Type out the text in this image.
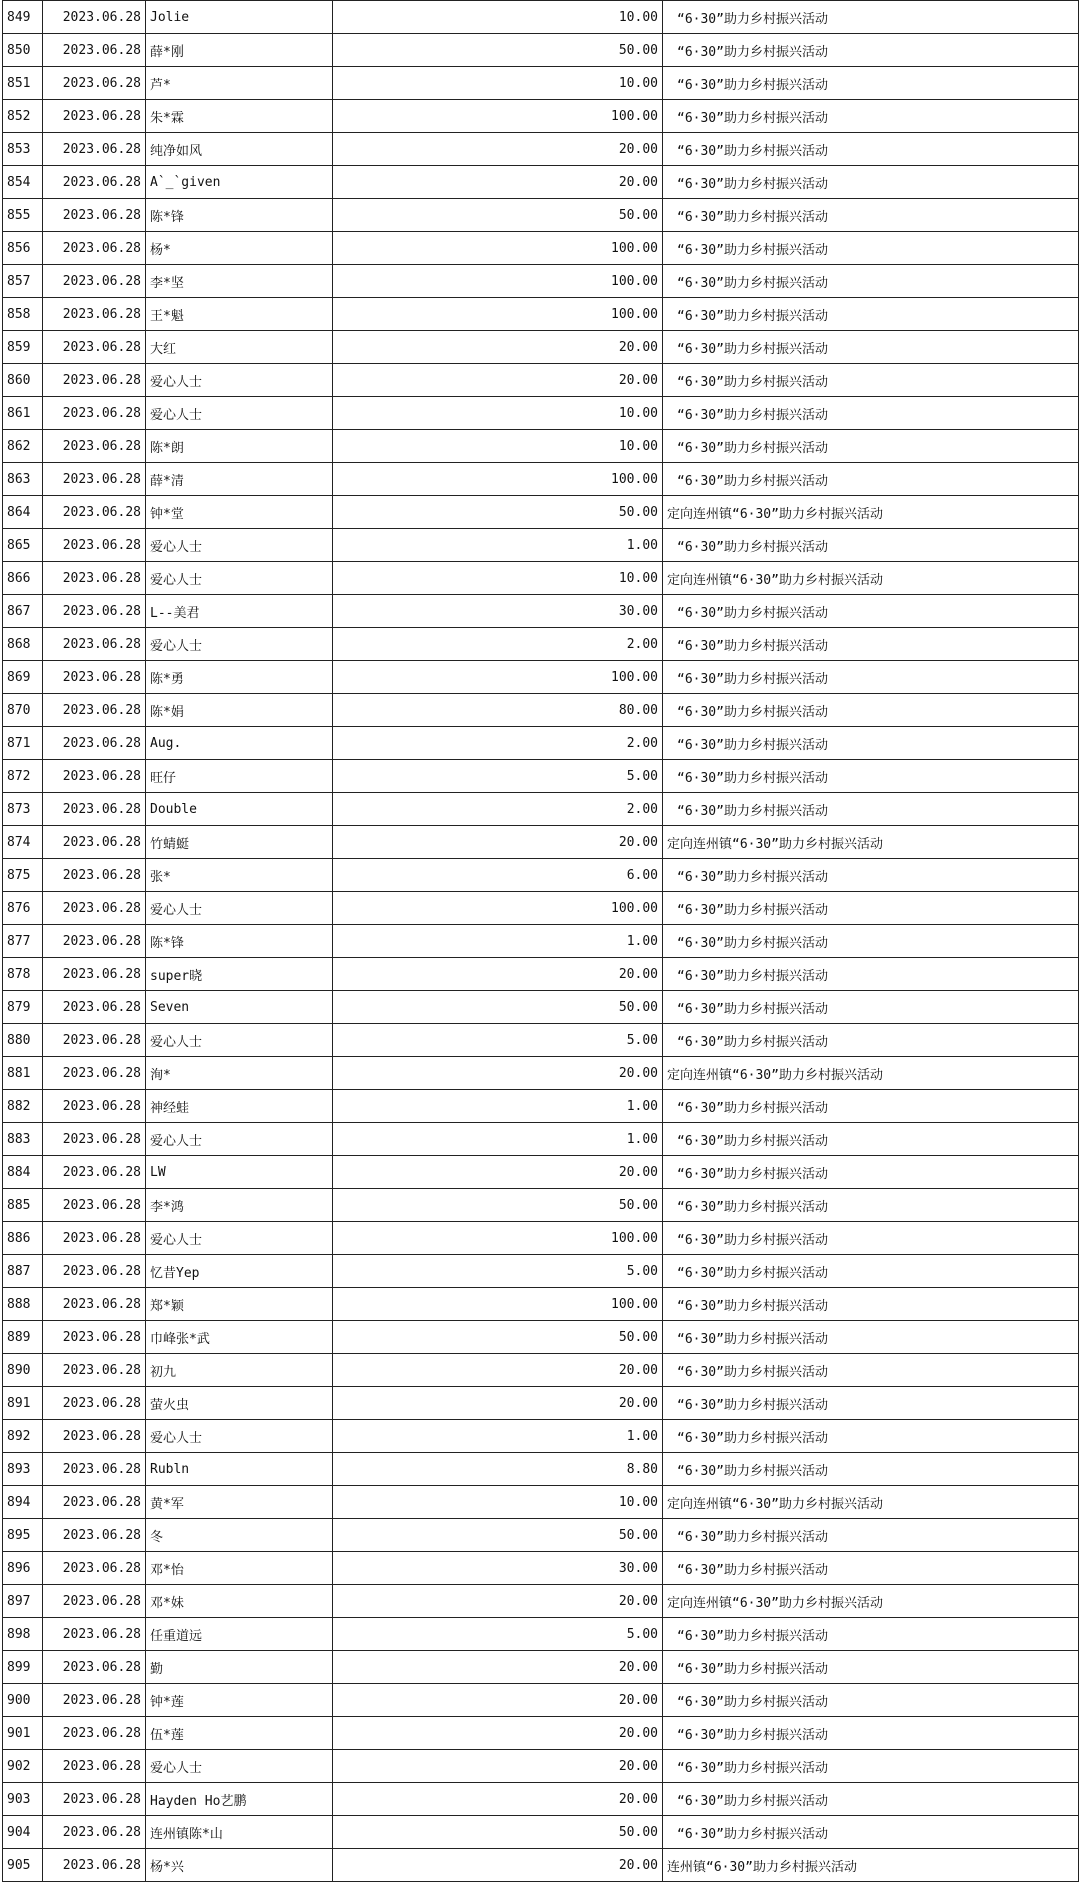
849	2023.06.28	Jolie	10.00	“6·30”助力乡村振兴活动
850	2023.06.28	薛*刚	50.00	“6·30”助力乡村振兴活动
851	2023.06.28	芦*	10.00	“6·30”助力乡村振兴活动
852	2023.06.28	朱*霖	100.00	“6·30”助力乡村振兴活动
853	2023.06.28	纯净如风	20.00	“6·30”助力乡村振兴活动
854	2023.06.28	A`_`given	20.00	“6·30”助力乡村振兴活动
855	2023.06.28	陈*锋	50.00	“6·30”助力乡村振兴活动
856	2023.06.28	杨*	100.00	“6·30”助力乡村振兴活动
857	2023.06.28	李*坚	100.00	“6·30”助力乡村振兴活动
858	2023.06.28	王*魁	100.00	“6·30”助力乡村振兴活动
859	2023.06.28	大红	20.00	“6·30”助力乡村振兴活动
860	2023.06.28	爱心人士	20.00	“6·30”助力乡村振兴活动
861	2023.06.28	爱心人士	10.00	“6·30”助力乡村振兴活动
862	2023.06.28	陈*朗	10.00	“6·30”助力乡村振兴活动
863	2023.06.28	薛*清	100.00	“6·30”助力乡村振兴活动
864	2023.06.28	钟*堂	50.00	定向连州镇“6·30”助力乡村振兴活动
865	2023.06.28	爱心人士	1.00	“6·30”助力乡村振兴活动
866	2023.06.28	爱心人士	10.00	定向连州镇“6·30”助力乡村振兴活动
867	2023.06.28	L--美君	30.00	“6·30”助力乡村振兴活动
868	2023.06.28	爱心人士	2.00	“6·30”助力乡村振兴活动
869	2023.06.28	陈*勇	100.00	“6·30”助力乡村振兴活动
870	2023.06.28	陈*娟	80.00	“6·30”助力乡村振兴活动
871	2023.06.28	Aug.	2.00	“6·30”助力乡村振兴活动
872	2023.06.28	旺仔	5.00	“6·30”助力乡村振兴活动
873	2023.06.28	Double	2.00	“6·30”助力乡村振兴活动
874	2023.06.28	竹蜻蜓	20.00	定向连州镇“6·30”助力乡村振兴活动
875	2023.06.28	张*	6.00	“6·30”助力乡村振兴活动
876	2023.06.28	爱心人士	100.00	“6·30”助力乡村振兴活动
877	2023.06.28	陈*锋	1.00	“6·30”助力乡村振兴活动
878	2023.06.28	super晓	20.00	“6·30”助力乡村振兴活动
879	2023.06.28	Seven	50.00	“6·30”助力乡村振兴活动
880	2023.06.28	爱心人士	5.00	“6·30”助力乡村振兴活动
881	2023.06.28	洵*	20.00	定向连州镇“6·30”助力乡村振兴活动
882	2023.06.28	神经蛙	1.00	“6·30”助力乡村振兴活动
883	2023.06.28	爱心人士	1.00	“6·30”助力乡村振兴活动
884	2023.06.28	LW	20.00	“6·30”助力乡村振兴活动
885	2023.06.28	李*鸿	50.00	“6·30”助力乡村振兴活动
886	2023.06.28	爱心人士	100.00	“6·30”助力乡村振兴活动
887	2023.06.28	忆昔Yep	5.00	“6·30”助力乡村振兴活动
888	2023.06.28	郑*颖	100.00	“6·30”助力乡村振兴活动
889	2023.06.28	巾峰张*武	50.00	“6·30”助力乡村振兴活动
890	2023.06.28	初九	20.00	“6·30”助力乡村振兴活动
891	2023.06.28	萤火虫	20.00	“6·30”助力乡村振兴活动
892	2023.06.28	爱心人士	1.00	“6·30”助力乡村振兴活动
893	2023.06.28	Rubln	8.80	“6·30”助力乡村振兴活动
894	2023.06.28	黄*军	10.00	定向连州镇“6·30”助力乡村振兴活动
895	2023.06.28	冬	50.00	“6·30”助力乡村振兴活动
896	2023.06.28	邓*怡	30.00	“6·30”助力乡村振兴活动
897	2023.06.28	邓*妹	20.00	定向连州镇“6·30”助力乡村振兴活动
898	2023.06.28	任重道远	5.00	“6·30”助力乡村振兴活动
899	2023.06.28	勤	20.00	“6·30”助力乡村振兴活动
900	2023.06.28	钟*莲	20.00	“6·30”助力乡村振兴活动
901	2023.06.28	伍*莲	20.00	“6·30”助力乡村振兴活动
902	2023.06.28	爱心人士	20.00	“6·30”助力乡村振兴活动
903	2023.06.28	Hayden Ho艺鹏	20.00	“6·30”助力乡村振兴活动
904	2023.06.28	连州镇陈*山	50.00	“6·30”助力乡村振兴活动
905	2023.06.28	杨*兴	20.00	连州镇“6·30”助力乡村振兴活动
